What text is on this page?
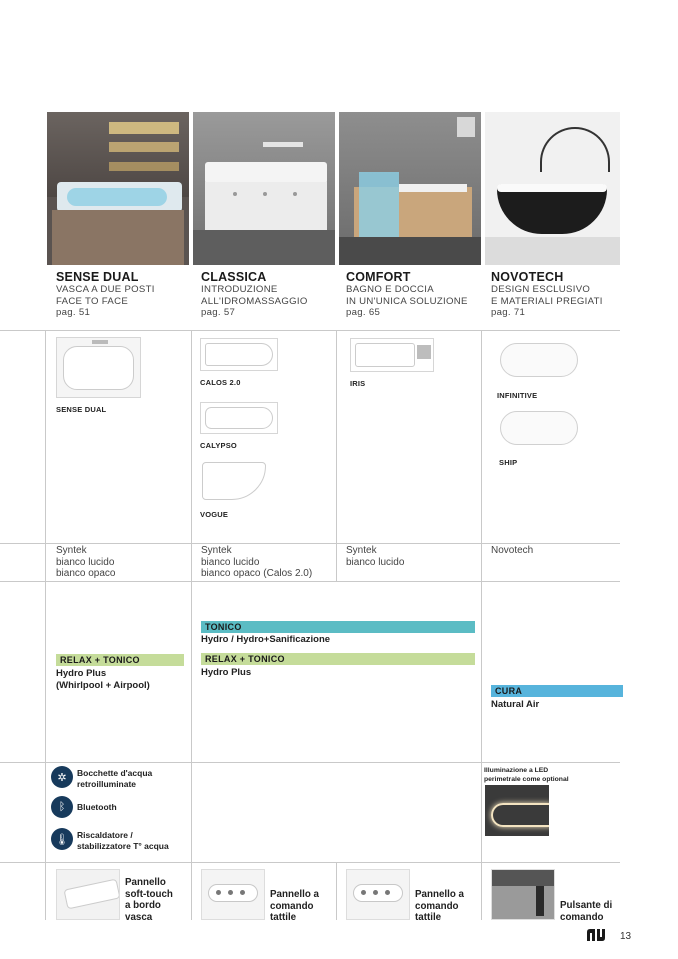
SENSE DUAL
VASCA A DUE POSTI
FACE TO FACE
pag. 51
CLASSICA
INTRODUZIONE
ALL'IDROMASSAGGIO
pag. 57
COMFORT
BAGNO E DOCCIA
IN UN'UNICA SOLUZIONE
pag. 65
NOVOTECH
DESIGN ESCLUSIVO
E MATERIALI PREGIATI
pag. 71
SENSE DUAL
CALOS 2.0
CALYPSO
VOGUE
IRIS
INFINITIVE
SHIP
Syntek
bianco lucido
bianco opaco
Syntek
bianco lucido
bianco opaco (Calos 2.0)
Syntek
bianco lucido
Novotech
RELAX + TONICO
Hydro Plus
(Whirlpool + Airpool)
TONICO
Hydro / Hydro+Sanificazione
RELAX + TONICO
Hydro Plus
CURA
Natural Air
✲	Bocchette d'acqua
retroilluminate
ᛒ	Bluetooth
🌡 Riscaldatore /
stabilizzatore T° acqua
Illuminazione a LED
perimetrale come optional
Pannello
soft-touch
a bordo
vasca
Pannello a
comando
tattile
Pannello a
comando
tattile
Pulsante di
comando
13
